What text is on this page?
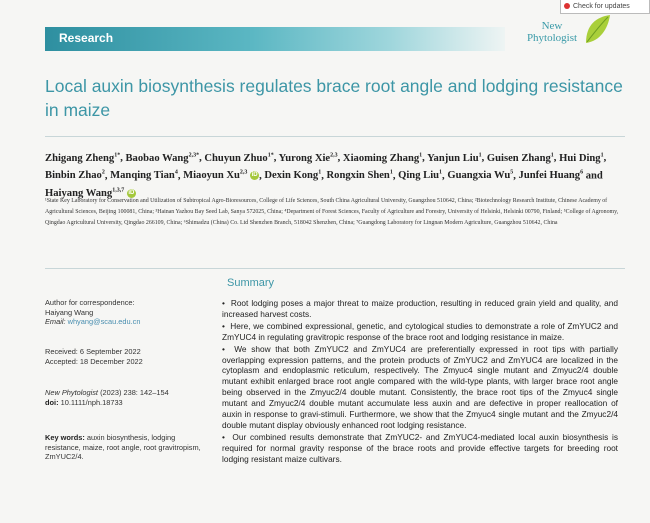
Check for updates
Research
New
Phytologist
Local auxin biosynthesis regulates brace root angle and lodging resistance in maize
Zhigang Zheng$^{1*}$, Baobao Wang$^{2,3*}$, Chuyun Zhuo$^{1*}$, Yurong Xie$^{2,3}$, Xiaoming Zhang$^1$, Yanjun Liu$^1$, Guisen Zhang$^1$, Hui Ding$^1$, Binbin Zhao$^2$, Manqing Tian$^4$, Miaoyun Xu$^{2,3}$ iD , Dexin Kong$^1$, Rongxin Shen$^1$, Qing Liu$^1$, Guangxia Wu$^5$, Junfei Huang$^6$ and Haiyang Wang$^{1,3,7}$ iD
¹State Key Laboratory for Conservation and Utilization of Subtropical Agro-Bioresources, College of Life Sciences, South China Agricultural University, Guangzhou 510642, China; ²Biotechnology Research Institute, Chinese Academy of Agricultural Sciences, Beijing 100081, China; ³Hainan Yazhou Bay Seed Lab, Sanya 572025, China; ⁴Department of Forest Sciences, Faculty of Agriculture and Forestry, University of Helsinki, Helsinki 00790, Finland; ⁵College of Agronomy, Qingdao Agricultural University, Qingdao 266109, China; ⁶Shimadzu (China) Co. Ltd Shenzhen Branch, 518042 Shenzhen, China; ⁷Guangdong Laboratory for Lingnan Modern Agriculture, Guangzhou 510642, China
Summary
Author for correspondence:
Haiyang Wang
Email: whyang@scau.edu.cn
Received: 6 September 2022
Accepted: 18 December 2022
New Phytologist (2023) 238: 142–154
doi: 10.1111/nph.18733
Key words: auxin biosynthesis, lodging resistance, maize, root angle, root gravitropism, ZmYUC2/4.

•  Root lodging poses a major threat to maize production, resulting in reduced grain yield and quality, and increased harvest costs.

•  Here, we combined expressional, genetic, and cytological studies to demonstrate a role of ZmYUC2 and ZmYUC4 in regulating gravitropic response of the brace root and lodging resistance in maize.

•  We show that both ZmYUC2 and ZmYUC4 are preferentially expressed in root tips with partially overlapping expression patterns, and the protein products of ZmYUC2 and ZmYUC4 are localized in the cytoplasm and endoplasmic reticulum, respectively. The Zmyuc4 single mutant and Zmyuc2/4 double mutant exhibit enlarged brace root angle compared with the wild-type plants, with larger brace root angle being observed in the Zmyuc2/4 double mutant. Consistently, the brace root tips of the Zmyuc4 single mutant and Zmyuc2/4 double mutant accumulate less auxin and are defective in proper reallocation of auxin in response to gravi-stimuli. Furthermore, we show that the Zmyuc4 single mutant and the Zmyuc2/4 double mutant display obviously enhanced root lodging resistance.

•  Our combined results demonstrate that ZmYUC2- and ZmYUC4-mediated local auxin biosynthesis is required for normal gravity response of the brace roots and provide effective targets for breeding root lodging resistant maize cultivars.
